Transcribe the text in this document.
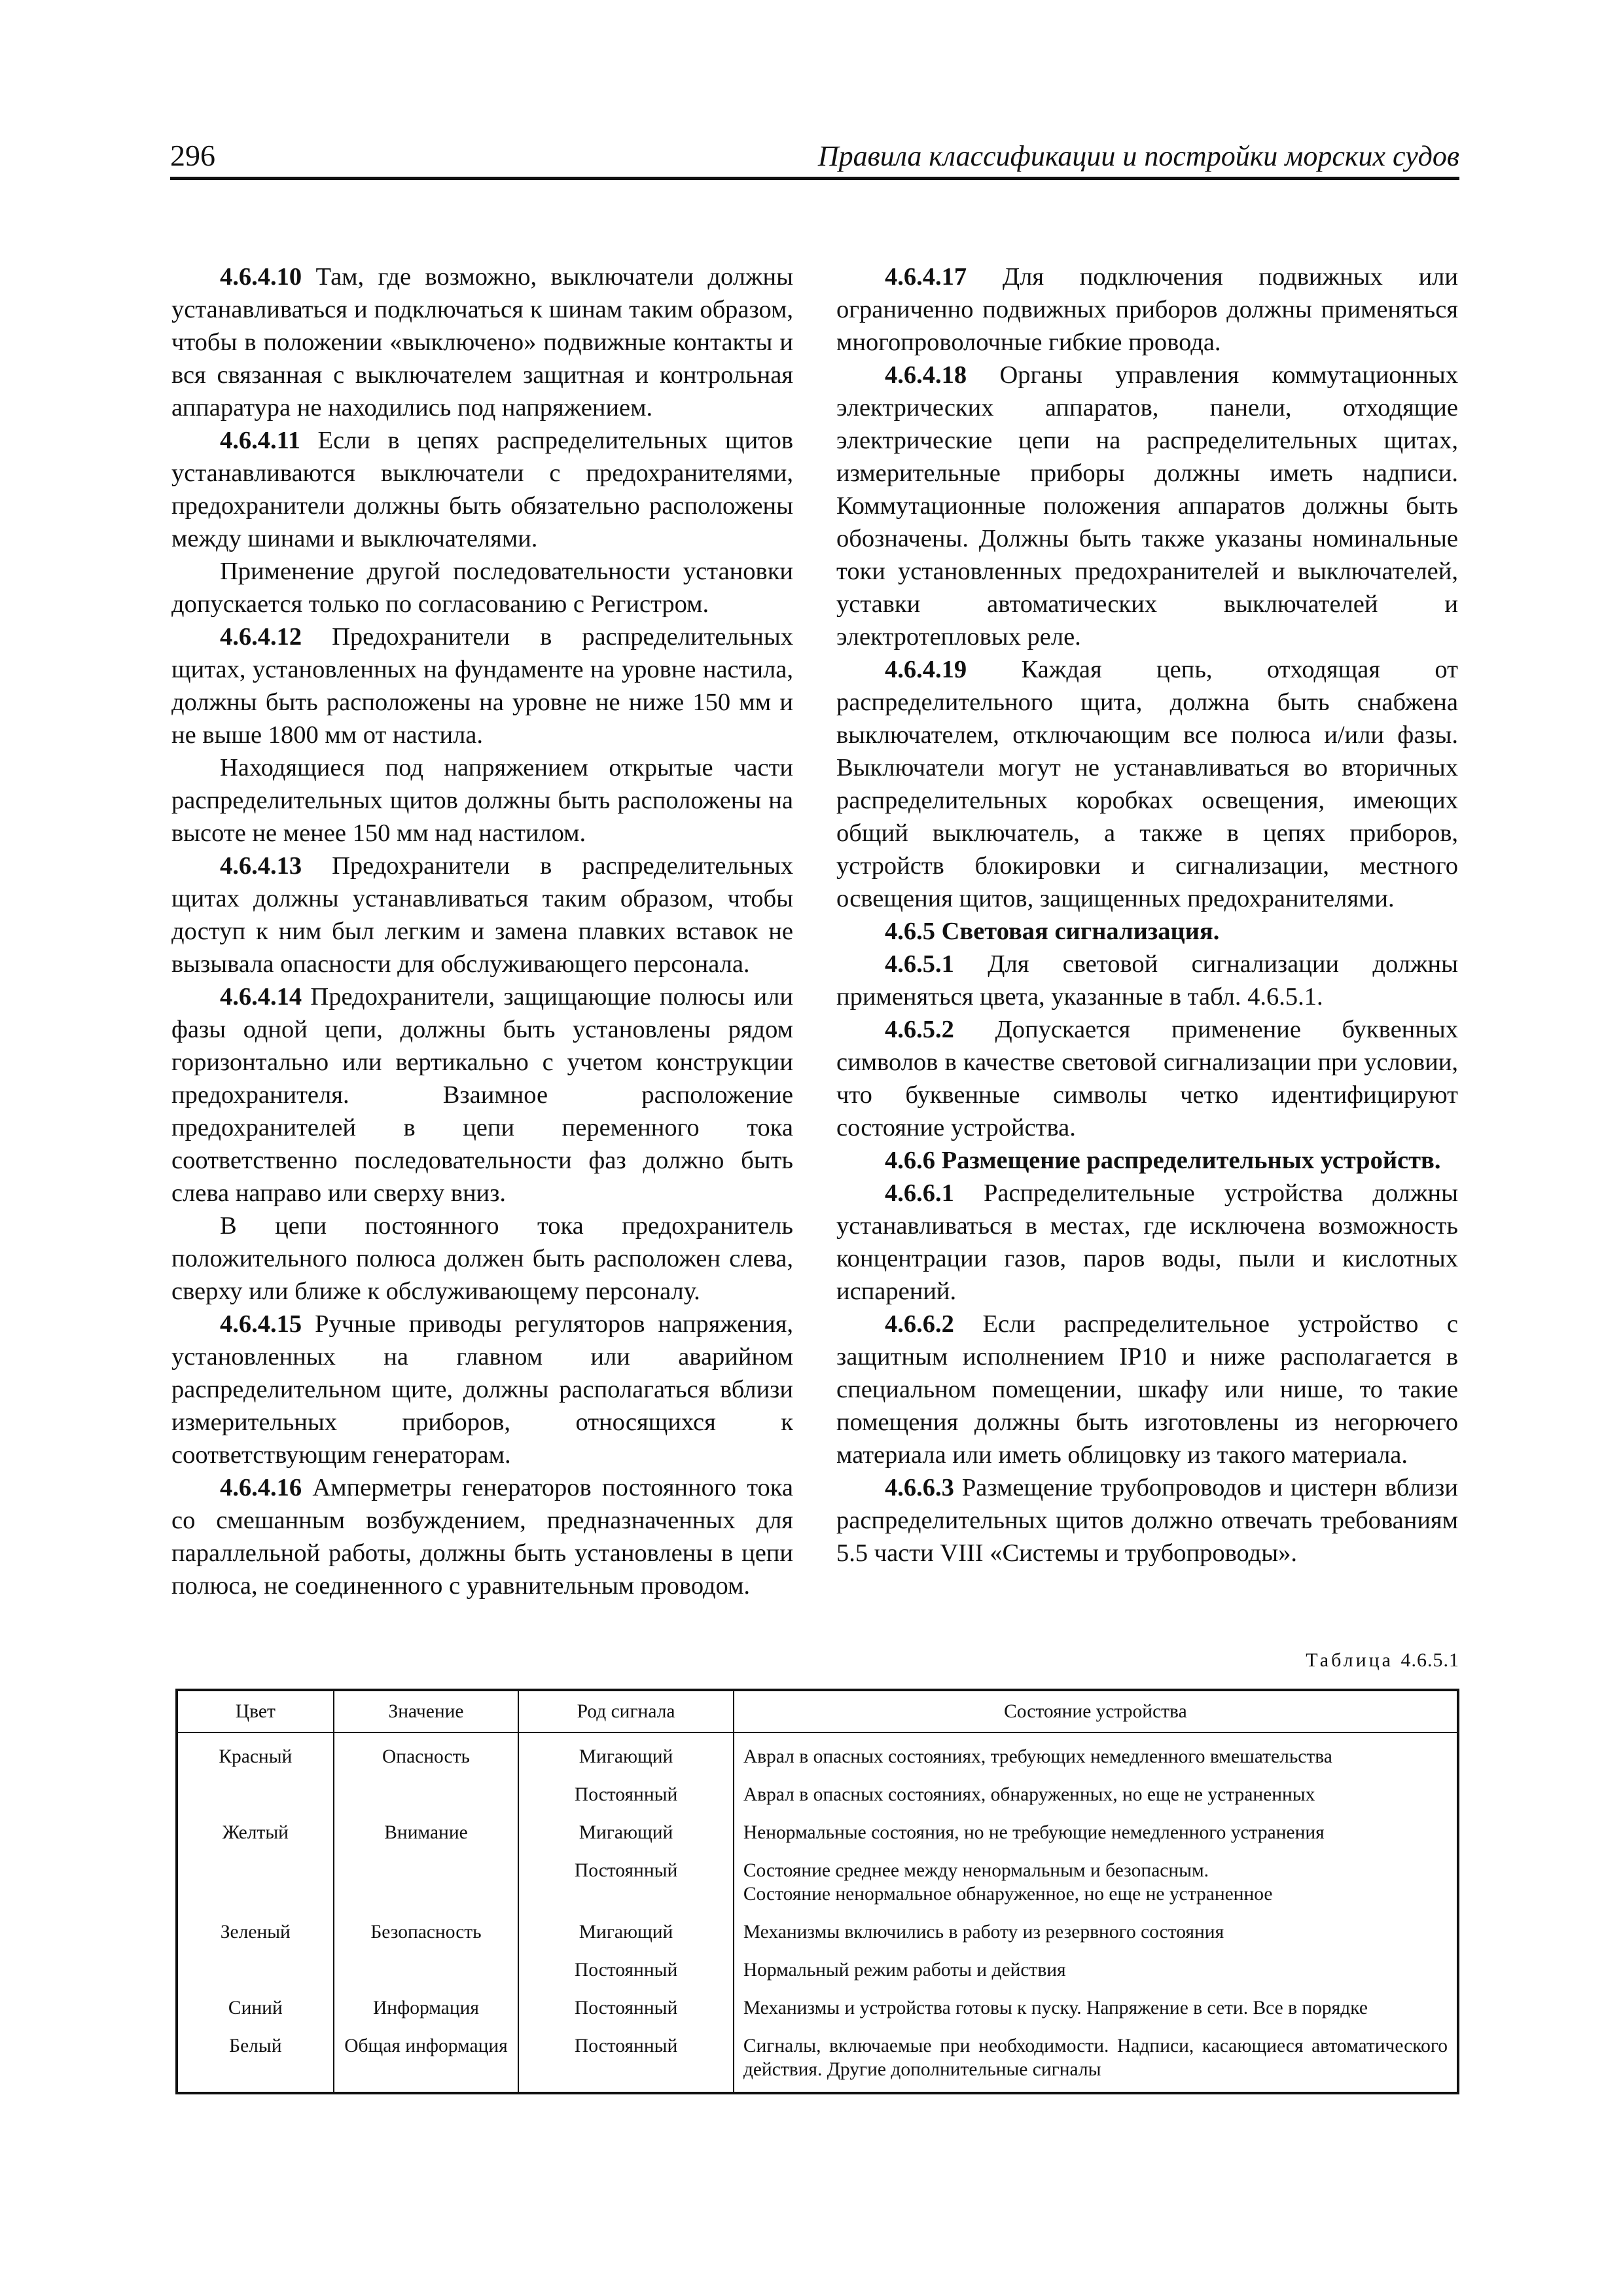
296	Правила классификации и постройки морских судов

4.6.4.10 Там, где возможно, выключатели должны устанавливаться и подключаться к шинам таким образом, чтобы в положении «выключено» подвижные контакты и вся связанная с выключателем защитная и контрольная аппаратура не находились под напряжением.

4.6.4.11 Если в цепях распределительных щитов устанавливаются выключатели с предохранителями, предохранители должны быть обязательно расположены между шинами и выключателями.

Применение другой последовательности установки допускается только по согласованию с Регистром.

4.6.4.12 Предохранители в распределительных щитах, установленных на фундаменте на уровне настила, должны быть расположены на уровне не ниже 150 мм и не выше 1800 мм от настила.

Находящиеся под напряжением открытые части распределительных щитов должны быть расположены на высоте не менее 150 мм над настилом.

4.6.4.13 Предохранители в распределительных щитах должны устанавливаться таким образом, чтобы доступ к ним был легким и замена плавких вставок не вызывала опасности для обслуживающего персонала.

4.6.4.14 Предохранители, защищающие полюсы или фазы одной цепи, должны быть установлены рядом горизонтально или вертикально с учетом конструкции предохранителя. Взаимное расположение предохранителей в цепи переменного тока соответственно последовательности фаз должно быть слева направо или сверху вниз.

В цепи постоянного тока предохранитель положительного полюса должен быть расположен слева, сверху или ближе к обслуживающему персоналу.

4.6.4.15 Ручные приводы регуляторов напряжения, установленных на главном или аварийном распределительном щите, должны располагаться вблизи измерительных приборов, относящихся к соответствующим генераторам.

4.6.4.16 Амперметры генераторов постоянного тока со смешанным возбуждением, предназначенных для параллельной работы, должны быть установлены в цепи полюса, не соединенного с уравнительным проводом.

4.6.4.17 Для подключения подвижных или ограниченно подвижных приборов должны применяться многопроволочные гибкие провода.

4.6.4.18 Органы управления коммутационных электрических аппаратов, панели, отходящие электрические цепи на распределительных щитах, измерительные приборы должны иметь надписи. Коммутационные положения аппаратов должны быть обозначены. Должны быть также указаны номинальные токи установленных предохранителей и выключателей, уставки автоматических выключателей и электротепловых реле.

4.6.4.19 Каждая цепь, отходящая от распределительного щита, должна быть снабжена выключателем, отключающим все полюса и/или фазы. Выключатели могут не устанавливаться во вторичных распределительных коробках освещения, имеющих общий выключатель, а также в цепях приборов, устройств блокировки и сигнализации, местного освещения щитов, защищенных предохранителями.

4.6.5 Световая сигнализация.

4.6.5.1 Для световой сигнализации должны применяться цвета, указанные в табл. 4.6.5.1.

4.6.5.2 Допускается применение буквенных символов в качестве световой сигнализации при условии, что буквенные символы четко идентифицируют состояние устройства.

4.6.6 Размещение распределительных устройств.

4.6.6.1 Распределительные устройства должны устанавливаться в местах, где исключена возможность концентрации газов, паров воды, пыли и кислотных испарений.

4.6.6.2 Если распределительное устройство с защитным исполнением IP10 и ниже располагается в специальном помещении, шкафу или нише, то такие помещения должны быть изготовлены из негорючего материала или иметь облицовку из такого материала.

4.6.6.3 Размещение трубопроводов и цистерн вблизи распределительных щитов должно отвечать требованиям 5.5 части VIII «Системы и трубопроводы».

Таблица 4.6.5.1
Цвет	Значение	Род сигнала	Состояние устройства
Красный	Опасность	Мигающий	Аврал в опасных состояниях, требующих немедленного вмешательства
		Постоянный	Аврал в опасных состояниях, обнаруженных, но еще не устраненных
Желтый	Внимание	Мигающий	Ненормальные состояния, но не требующие немедленного устранения
		Постоянный	Состояние среднее между ненормальным и безопасным.
Состояние ненормальное обнаруженное, но еще не устраненное
Зеленый	Безопасность	Мигающий	Механизмы включились в работу из резервного состояния
		Постоянный	Нормальный режим работы и действия
Синий	Информация	Постоянный	Механизмы и устройства готовы к пуску. Напряжение в сети. Все в порядке
Белый	Общая информация	Постоянный	Сигналы, включаемые при необходимости. Надписи, касающиеся автоматического действия. Другие дополнительные сигналы
